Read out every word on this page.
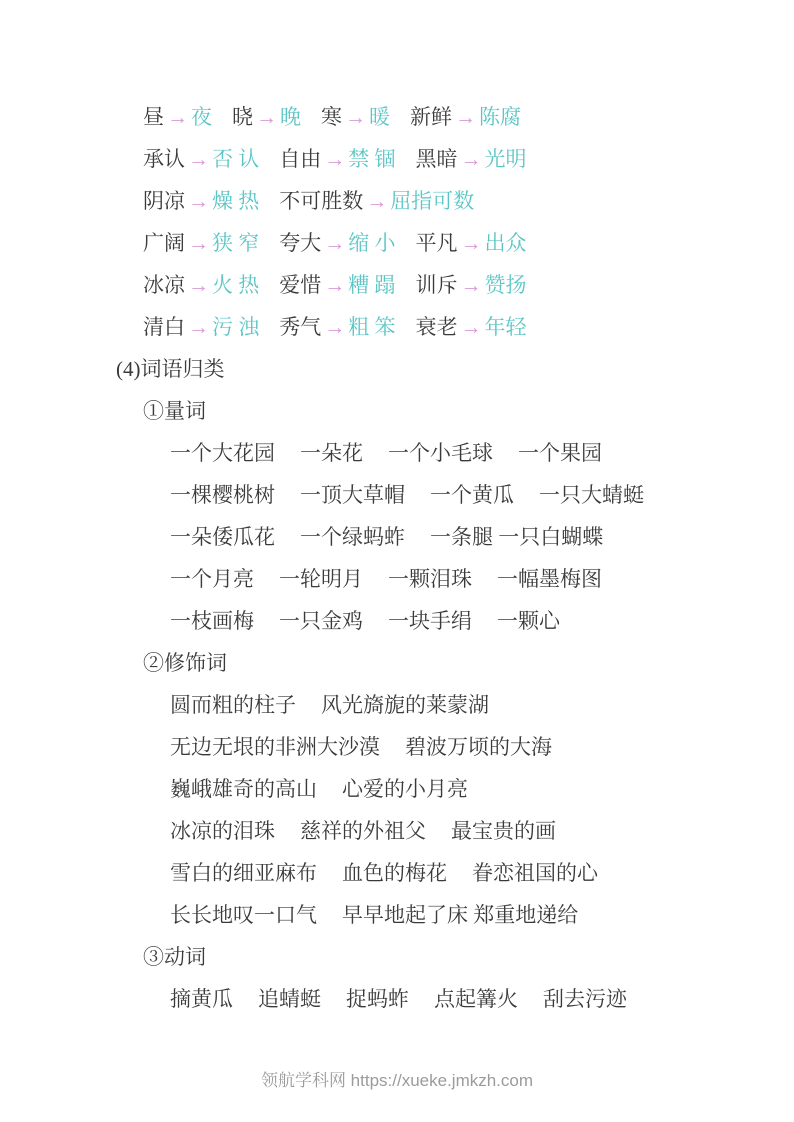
昼 → 夜 晓 → 晚 寒 → 暖 新鲜 → 陈腐
承认 → 否 认 自由 → 禁 锢 黑暗 → 光明
阴凉 → 燥 热 不可胜数 → 屈指可数
广阔 → 狭 窄 夸大 → 缩 小 平凡 → 出众
冰凉 → 火 热 爱惜 → 糟 蹋 训斥 → 赞扬
清白 → 污 浊 秀气 → 粗 笨 衰老 → 年轻
(4)词语归类
①量词
一个大花园 一朵花 一个小毛球 一个果园
一棵樱桃树 一顶大草帽 一个黄瓜 一只大蜻蜓
一朵倭瓜花 一个绿蚂蚱 一条腿 一只白蝴蝶
一个月亮 一轮明月 一颗泪珠 一幅墨梅图
一枝画梅 一只金鸡 一块手绢 一颗心
②修饰词
圆而粗的柱子 风光旖旎的莱蒙湖
无边无垠的非洲大沙漠 碧波万顷的大海
巍峨雄奇的高山 心爱的小月亮
冰凉的泪珠 慈祥的外祖父 最宝贵的画
雪白的细亚麻布 血色的梅花 眷恋祖国的心
长长地叹一口气 早早地起了床 郑重地递给
③动词
摘黄瓜 追蜻蜓 捉蚂蚱 点起篝火 刮去污迹
领航学科网 https://xueke.jmkzh.com
